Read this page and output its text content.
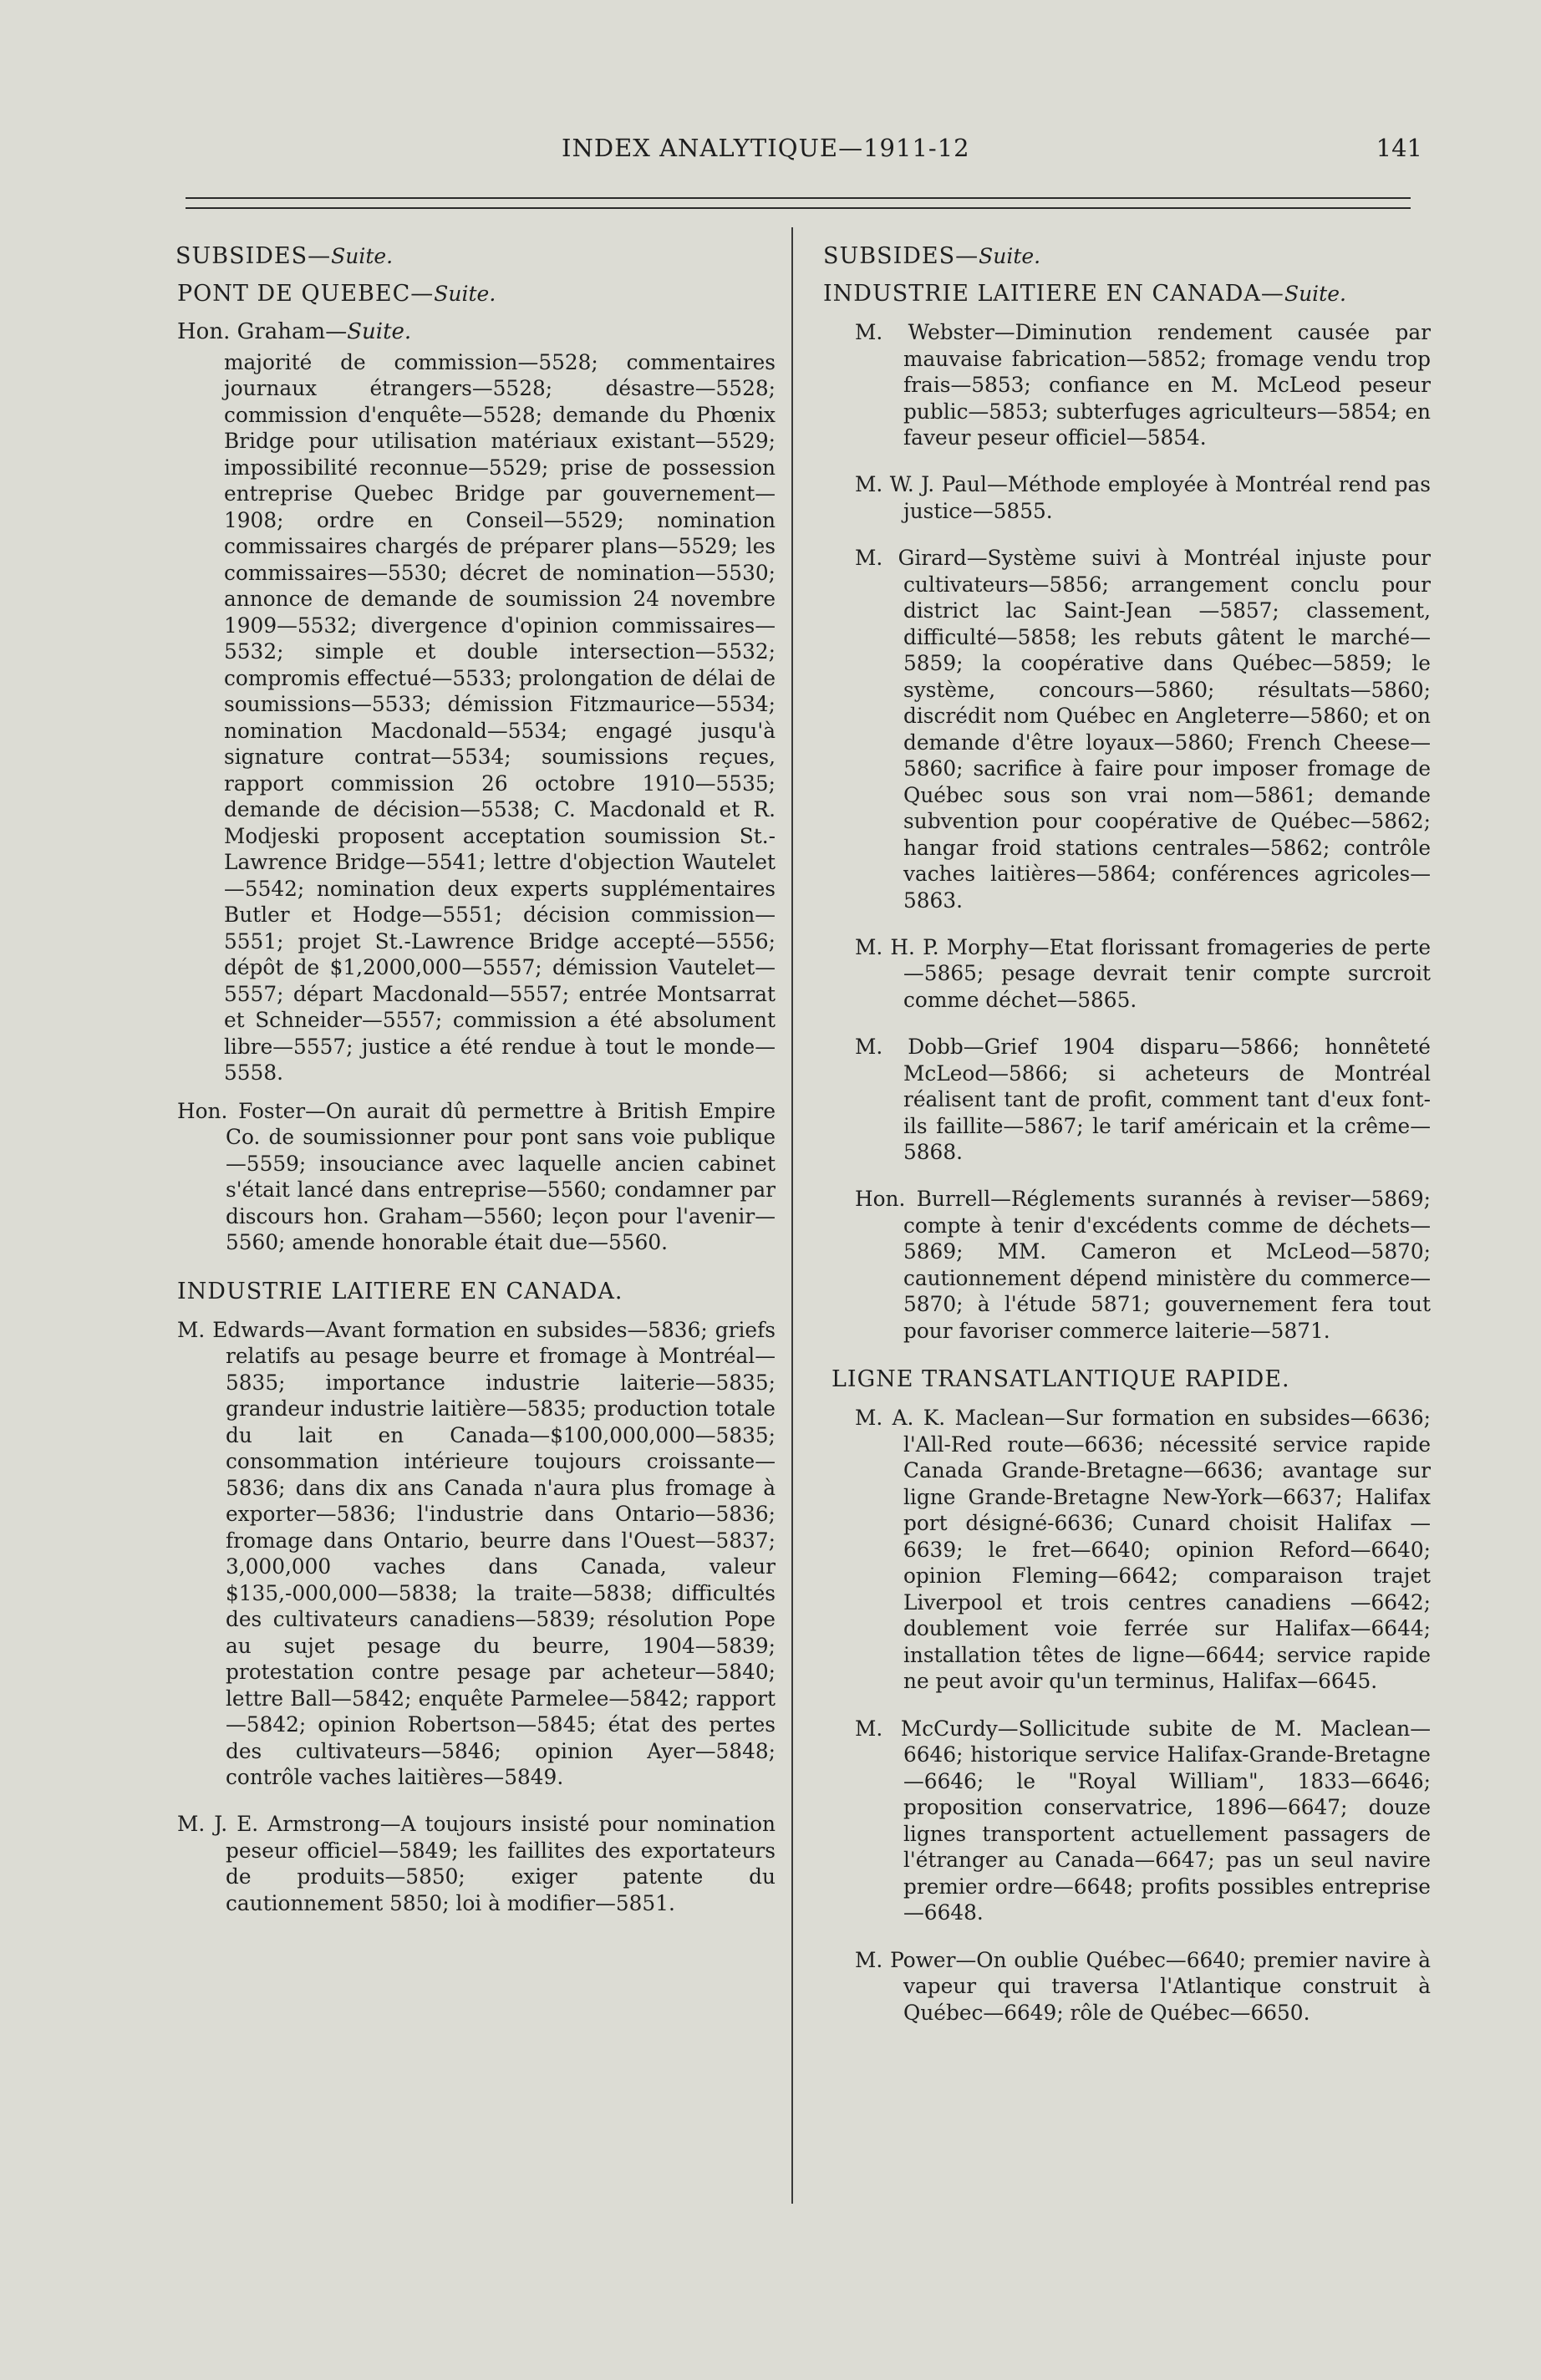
INDEX ANALYTIQUE—1911-12	141

SUBSIDES—Suite.

PONT DE QUEBEC—Suite.

Hon. Graham—Suite.

majorité de commission—5528; commentaires journaux étrangers—5528; désastre—5528; commission d'enquête—5528; demande du Phœnix Bridge pour utilisation matériaux existant—5529; impossibilité reconnue—5529; prise de possession entreprise Quebec Bridge par gouvernement—1908; ordre en Conseil—5529; nomination commissaires chargés de préparer plans—5529; les commissaires—5530; décret de nomination—5530; annonce de demande de soumission 24 novembre 1909—5532; divergence d'opinion commissaires—5532; simple et double intersection—5532; compromis effectué—5533; prolongation de délai de soumissions—5533; démission Fitzmaurice—5534; nomination Macdonald—5534; engagé jusqu'à signature contrat—5534; soumissions reçues, rapport commission 26 octobre 1910—5535; demande de décision—5538; C. Macdonald et R. Modjeski proposent acceptation soumission St.-Lawrence Bridge—5541; lettre d'objection Wautelet—5542; nomination deux experts supplémentaires Butler et Hodge—5551; décision commission—5551; projet St.-Lawrence Bridge accepté—5556; dépôt de $1,2000,000—5557; démission Vautelet—5557; départ Macdonald—5557; entrée Montsarrat et Schneider—5557; commission a été absolument libre—5557; justice a été rendue à tout le monde—5558.

Hon. Foster—On aurait dû permettre à British Empire Co. de soumissionner pour pont sans voie publique—5559; insouciance avec laquelle ancien cabinet s'était lancé dans entreprise—5560; condamner par discours hon. Graham—5560; leçon pour l'avenir—5560; amende honorable était due—5560.

INDUSTRIE LAITIERE EN CANADA.

M. Edwards—Avant formation en subsides—5836; griefs relatifs au pesage beurre et fromage à Montréal—5835; importance industrie laiterie—5835; grandeur industrie laitière—5835; production totale du lait en Canada—$100,000,000—5835; consommation intérieure toujours croissante—5836; dans dix ans Canada n'aura plus fromage à exporter—5836; l'industrie dans Ontario—5836; fromage dans Ontario, beurre dans l'Ouest—5837; 3,000,000 vaches dans Canada, valeur $135,-000,000—5838; la traite—5838; difficultés des cultivateurs canadiens—5839; résolution Pope au sujet pesage du beurre, 1904—5839; protestation contre pesage par acheteur—5840; lettre Ball—5842; enquête Parmelee—5842; rapport—5842; opinion Robertson—5845; état des pertes des cultivateurs—5846; opinion Ayer—5848; contrôle vaches laitières—5849.

M. J. E. Armstrong—A toujours insisté pour nomination peseur officiel—5849; les faillites des exportateurs de produits—5850; exiger patente du cautionnement 5850; loi à modifier—5851.

SUBSIDES—Suite.

INDUSTRIE LAITIERE EN CANADA—Suite.

M. Webster—Diminution rendement causée par mauvaise fabrication—5852; fromage vendu trop frais—5853; confiance en M. McLeod peseur public—5853; subterfuges agriculteurs—5854; en faveur peseur officiel—5854.

M. W. J. Paul—Méthode employée à Montréal rend pas justice—5855.

M. Girard—Système suivi à Montréal injuste pour cultivateurs—5856; arrangement conclu pour district lac Saint-Jean —5857; classement, difficulté—5858; les rebuts gâtent le marché—5859; la coopérative dans Québec—5859; le système, concours—5860; résultats—5860; discrédit nom Québec en Angleterre—5860; et on demande d'être loyaux—5860; French Cheese—5860; sacrifice à faire pour imposer fromage de Québec sous son vrai nom—5861; demande subvention pour coopérative de Québec—5862; hangar froid stations centrales—5862; contrôle vaches laitières—5864; conférences agricoles—5863.

M. H. P. Morphy—Etat florissant fromageries de perte—5865; pesage devrait tenir compte surcroit comme déchet—5865.

M. Dobb—Grief 1904 disparu—5866; honnêteté McLeod—5866; si acheteurs de Montréal réalisent tant de profit, comment tant d'eux font-ils faillite—5867; le tarif américain et la crême—5868.

Hon. Burrell—Réglements surannés à reviser—5869; compte à tenir d'excédents comme de déchets—5869; MM. Cameron et McLeod—5870; cautionnement dépend ministère du commerce—5870; à l'étude 5871; gouvernement fera tout pour favoriser commerce laiterie—5871.

LIGNE TRANSATLANTIQUE RAPIDE.

M. A. K. Maclean—Sur formation en subsides—6636; l'All-Red route—6636; nécessité service rapide Canada Grande-Bretagne—6636; avantage sur ligne Grande-Bretagne New-York—6637; Halifax port désigné-6636; Cunard choisit Halifax —6639; le fret—6640; opinion Reford—6640; opinion Fleming—6642; comparaison trajet Liverpool et trois centres canadiens —6642; doublement voie ferrée sur Halifax—6644; installation têtes de ligne—6644; service rapide ne peut avoir qu'un terminus, Halifax—6645.

M. McCurdy—Sollicitude subite de M. Maclean—6646; historique service Halifax-Grande-Bretagne—6646; le "Royal William", 1833—6646; proposition conservatrice, 1896—6647; douze lignes transportent actuellement passagers de l'étranger au Canada—6647; pas un seul navire premier ordre—6648; profits possibles entreprise—6648.

M. Power—On oublie Québec—6640; premier navire à vapeur qui traversa l'Atlantique construit à Québec—6649; rôle de Québec—6650.
